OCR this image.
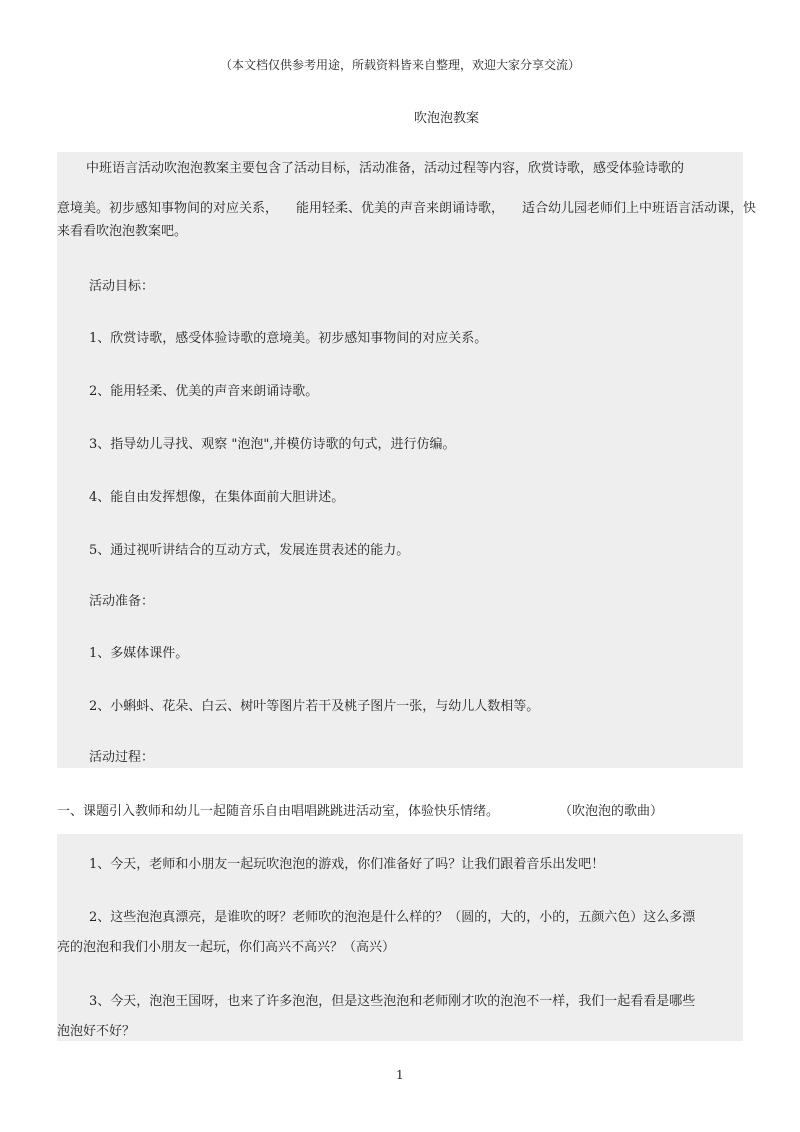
（本文档仅供参考用途，所载资料皆来自整理，欢迎大家分享交流）
吹泡泡教案
中班语言活动吹泡泡教案主要包含了活动目标，活动准备，活动过程等内容，欣赏诗歌，感受体验诗歌的
意境美。初步感知事物间的对应关系， 能用轻柔、优美的声音来朗诵诗歌， 适合幼儿园老师们上中班语言活动课，快
来看看吹泡泡教案吧。
活动目标：
1、欣赏诗歌，感受体验诗歌的意境美。初步感知事物间的对应关系。
2、能用轻柔、优美的声音来朗诵诗歌。
3、指导幼儿寻找、观察 "泡泡",并模仿诗歌的句式，进行仿编。
4、能自由发挥想像，在集体面前大胆讲述。
5、通过视听讲结合的互动方式，发展连贯表述的能力。
活动准备：
1、多媒体课件。
2、小蝌蚪、花朵、白云、树叶等图片若干及桃子图片一张，与幼儿人数相等。
活动过程：
一、课题引入教师和幼儿一起随音乐自由唱唱跳跳进活动室，体验快乐情绪。	（吹泡泡的歌曲）
1、今天，老师和小朋友一起玩吹泡泡的游戏，你们准备好了吗？让我们跟着音乐出发吧！
2、这些泡泡真漂亮，是谁吹的呀？老师吹的泡泡是什么样的？（圆的，大的，小的，五颜六色）这么多漂
亮的泡泡和我们小朋友一起玩，你们高兴不高兴？（高兴）
3、今天，泡泡王国呀，也来了许多泡泡，但是这些泡泡和老师刚才吹的泡泡不一样，我们一起看看是哪些
泡泡好不好？
1
